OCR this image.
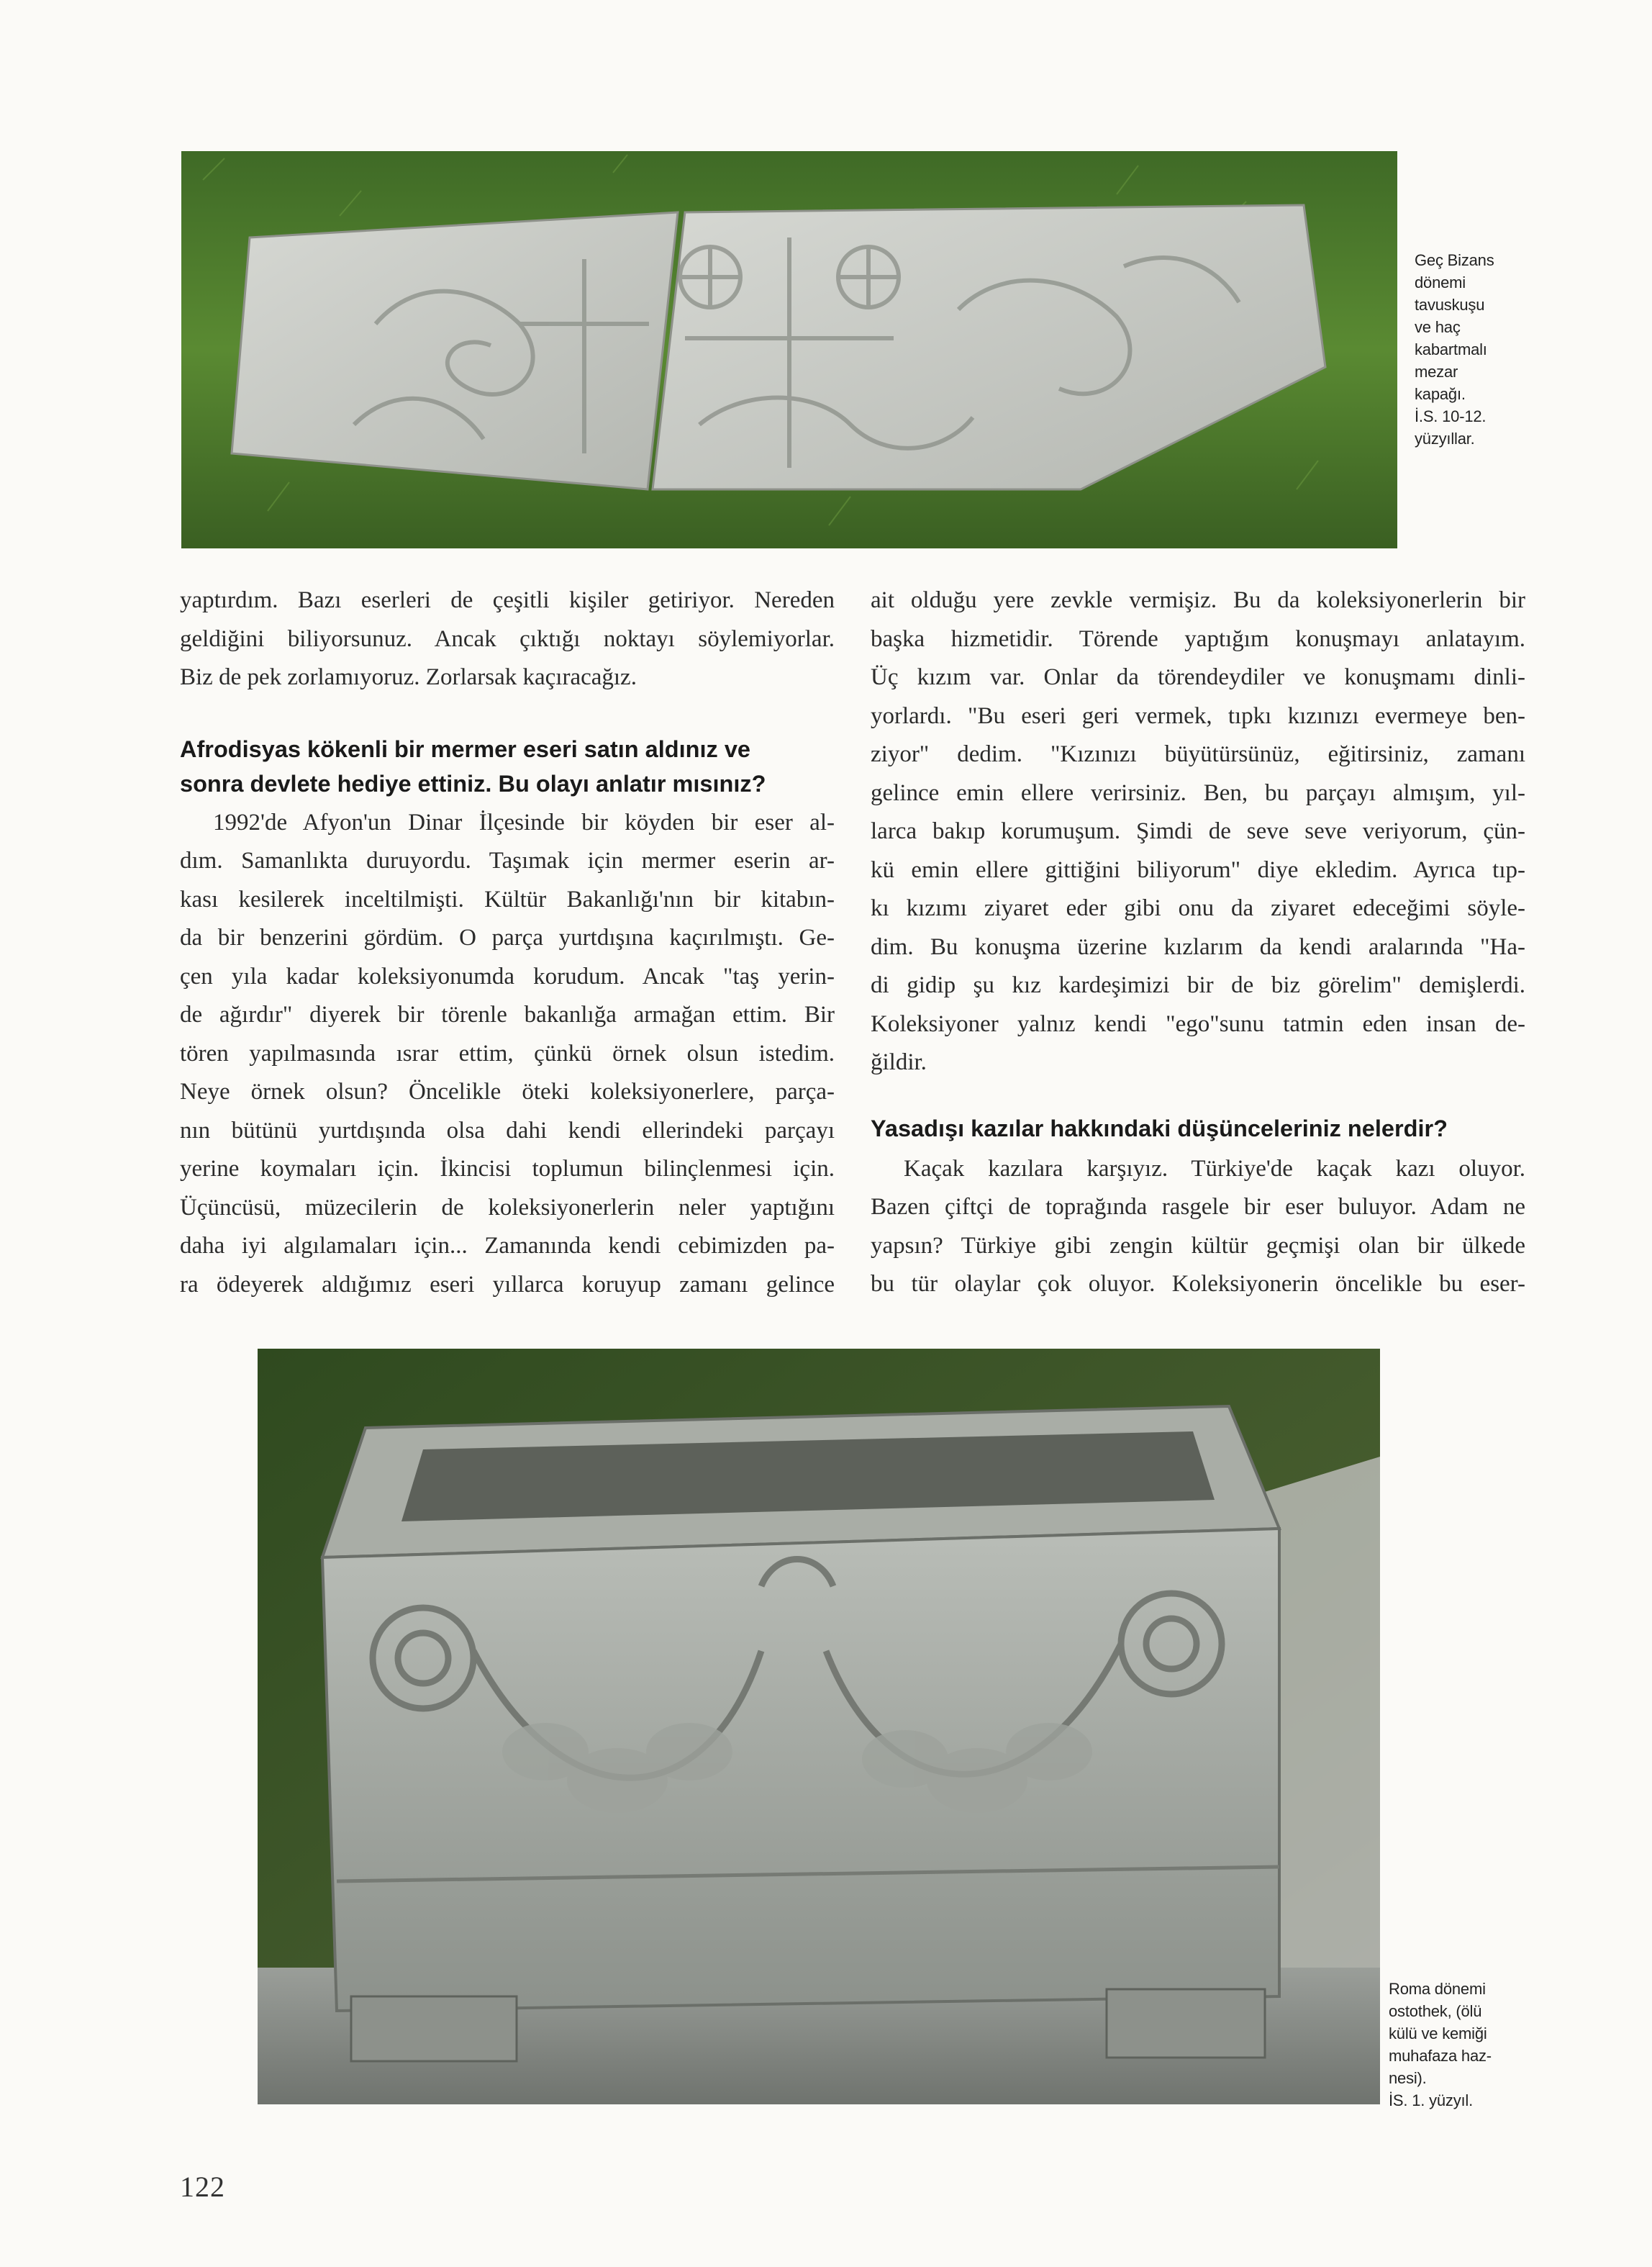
Geç Bizans
dönemi
tavuskuşu
ve haç
kabartmalı
mezar
kapağı.
İ.S. 10-12.
yüzyıllar.
yaptırdım. Bazı eserleri de çeşitli kişiler getiriyor. Nereden
geldiğini biliyorsunuz. Ancak çıktığı noktayı söylemiyorlar.
Biz de pek zorlamıyoruz. Zorlarsak kaçıracağız.
Afrodisyas kökenli bir mermer eseri satın aldınız ve
sonra devlete hediye ettiniz. Bu olayı anlatır mısınız?
1992'de Afyon'un Dinar İlçesinde bir köyden bir eser al-
dım. Samanlıkta duruyordu. Taşımak için mermer eserin ar-
kası kesilerek inceltilmişti. Kültür Bakanlığı'nın bir kitabın-
da bir benzerini gördüm. O parça yurtdışına kaçırılmıştı. Ge-
çen yıla kadar koleksiyonumda korudum. Ancak "taş yerin-
de ağırdır" diyerek bir törenle bakanlığa armağan ettim. Bir
tören yapılmasında ısrar ettim, çünkü örnek olsun istedim.
Neye örnek olsun? Öncelikle öteki koleksiyonerlere, parça-
nın bütünü yurtdışında olsa dahi kendi ellerindeki parçayı
yerine koymaları için. İkincisi toplumun bilinçlenmesi için.
Üçüncüsü, müzecilerin de koleksiyonerlerin neler yaptığını
daha iyi algılamaları için... Zamanında kendi cebimizden pa-
ra ödeyerek aldığımız eseri yıllarca koruyup zamanı gelince
ait olduğu yere zevkle vermişiz. Bu da koleksiyonerlerin bir
başka hizmetidir. Törende yaptığım konuşmayı anlatayım.
Üç kızım var. Onlar da törendeydiler ve konuşmamı dinli-
yorlardı. "Bu eseri geri vermek, tıpkı kızınızı evermeye ben-
ziyor" dedim. "Kızınızı büyütürsünüz, eğitirsiniz, zamanı
gelince emin ellere verirsiniz. Ben, bu parçayı almışım, yıl-
larca bakıp korumuşum. Şimdi de seve seve veriyorum, çün-
kü emin ellere gittiğini biliyorum" diye ekledim. Ayrıca tıp-
kı kızımı ziyaret eder gibi onu da ziyaret edeceğimi söyle-
dim. Bu konuşma üzerine kızlarım da kendi aralarında "Ha-
di gidip şu kız kardeşimizi bir de biz görelim" demişlerdi.
Koleksiyoner yalnız kendi "ego"sunu tatmin eden insan de-
ğildir.
Yasadışı kazılar hakkındaki düşünceleriniz nelerdir?
Kaçak kazılara karşıyız. Türkiye'de kaçak kazı oluyor.
Bazen çiftçi de toprağında rasgele bir eser buluyor. Adam ne
yapsın? Türkiye gibi zengin kültür geçmişi olan bir ülkede
bu tür olaylar çok oluyor. Koleksiyonerin öncelikle bu eser-
Roma dönemi
ostothek, (ölü
külü ve kemiği
muhafaza haz-
nesi).
İS. 1. yüzyıl.
122
